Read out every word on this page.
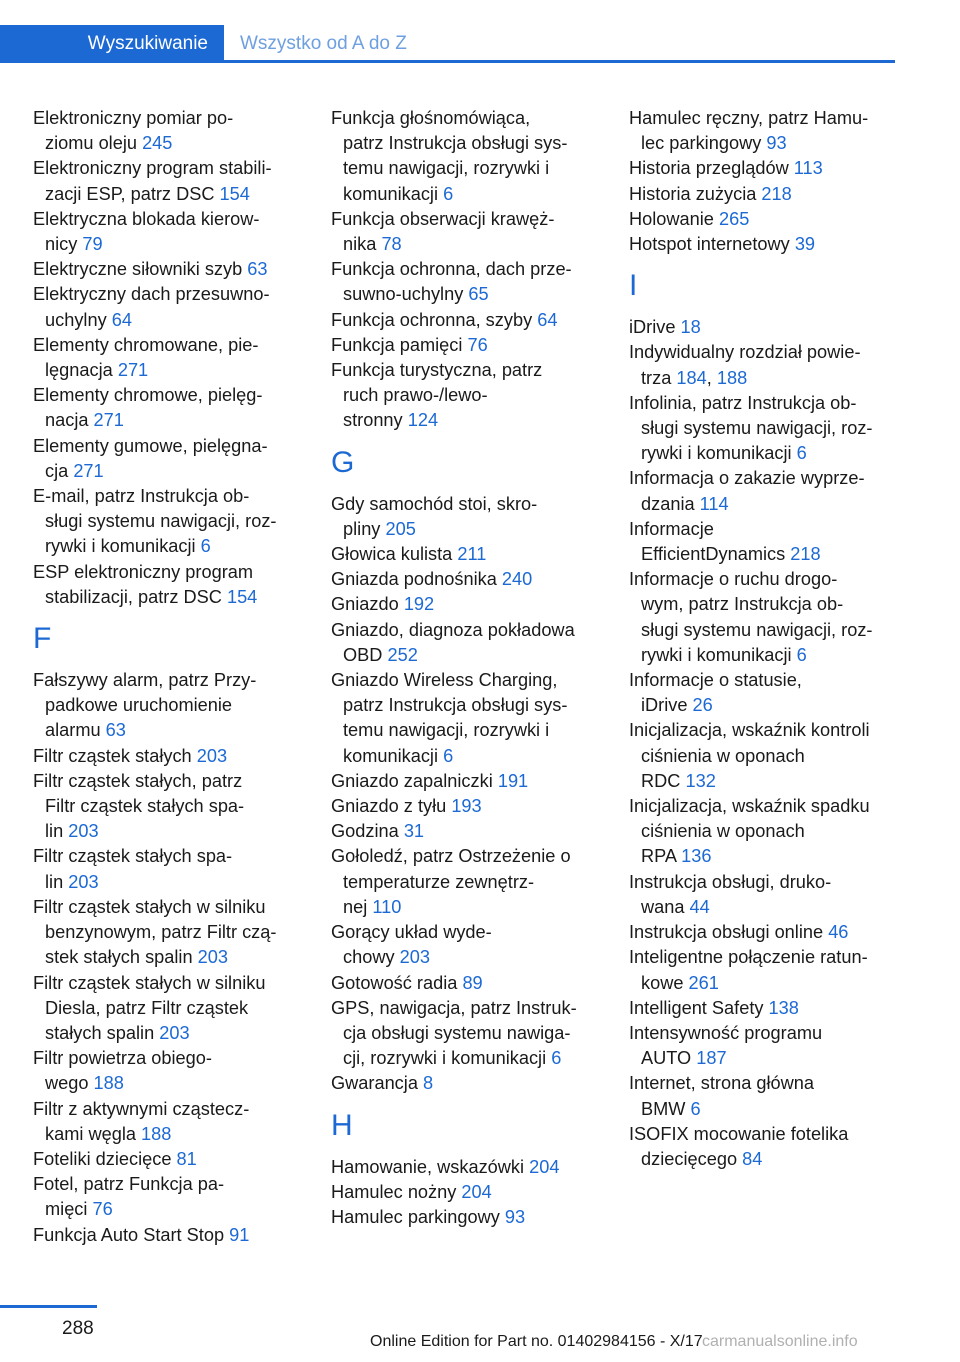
Wyszukiwanie	Wszystko od A do Z
Elektroniczny pomiar po-
ziomu oleju 245
Elektroniczny program stabili-
zacji ESP, patrz DSC 154
Elektryczna blokada kierow-
nicy 79
Elektryczne siłowniki szyb 63
Elektryczny dach przesuwno-
uchylny 64
Elementy chromowane, pie-
lęgnacja 271
Elementy chromowe, pielęg-
nacja 271
Elementy gumowe, pielęgna-
cja 271
E-mail, patrz Instrukcja ob-
sługi systemu nawigacji, roz-
rywki i komunikacji 6
ESP elektroniczny program
stabilizacji, patrz DSC 154
F
Fałszywy alarm, patrz Przy-
padkowe uruchomienie
alarmu 63
Filtr cząstek stałych 203
Filtr cząstek stałych, patrz
Filtr cząstek stałych spa-
lin 203
Filtr cząstek stałych spa-
lin 203
Filtr cząstek stałych w silniku
benzynowym, patrz Filtr czą-
stek stałych spalin 203
Filtr cząstek stałych w silniku
Diesla, patrz Filtr cząstek
stałych spalin 203
Filtr powietrza obiego-
wego 188
Filtr z aktywnymi cząstecz-
kami węgla 188
Foteliki dziecięce 81
Fotel, patrz Funkcja pa-
mięci 76
Funkcja Auto Start Stop 91
Funkcja głośnomówiąca,
patrz Instrukcja obsługi sys-
temu nawigacji, rozrywki i
komunikacji 6
Funkcja obserwacji krawęż-
nika 78
Funkcja ochronna, dach prze-
suwno-uchylny 65
Funkcja ochronna, szyby 64
Funkcja pamięci 76
Funkcja turystyczna, patrz
ruch prawo-/lewo-
stronny 124
G
Gdy samochód stoi, skro-
pliny 205
Głowica kulista 211
Gniazda podnośnika 240
Gniazdo 192
Gniazdo, diagnoza pokładowa
OBD 252
Gniazdo Wireless Charging,
patrz Instrukcja obsługi sys-
temu nawigacji, rozrywki i
komunikacji 6
Gniazdo zapalniczki 191
Gniazdo z tyłu 193
Godzina 31
Gołoledź, patrz Ostrzeżenie o
temperaturze zewnętrz-
nej 110
Gorący układ wyde-
chowy 203
Gotowość radia 89
GPS, nawigacja, patrz Instruk-
cja obsługi systemu nawiga-
cji, rozrywki i komunikacji 6
Gwarancja 8
H
Hamowanie, wskazówki 204
Hamulec nożny 204
Hamulec parkingowy 93
Hamulec ręczny, patrz Hamu-
lec parkingowy 93
Historia przeglądów 113
Historia zużycia 218
Holowanie 265
Hotspot internetowy 39
I
iDrive 18
Indywidualny rozdział powie-
trza 184, 188
Infolinia, patrz Instrukcja ob-
sługi systemu nawigacji, roz-
rywki i komunikacji 6
Informacja o zakazie wyprze-
dzania 114
Informacje
EfficientDynamics 218
Informacje o ruchu drogo-
wym, patrz Instrukcja ob-
sługi systemu nawigacji, roz-
rywki i komunikacji 6
Informacje o statusie,
iDrive 26
Inicjalizacja, wskaźnik kontroli
ciśnienia w oponach
RDC 132
Inicjalizacja, wskaźnik spadku
ciśnienia w oponach
RPA 136
Instrukcja obsługi, druko-
wana 44
Instrukcja obsługi online 46
Inteligentne połączenie ratun-
kowe 261
Intelligent Safety 138
Intensywność programu
AUTO 187
Internet, strona główna
BMW 6
ISOFIX mocowanie fotelika
dziecięcego 84
288
Online Edition for Part no. 01402984156 - X/17 carmanualsonline.info
